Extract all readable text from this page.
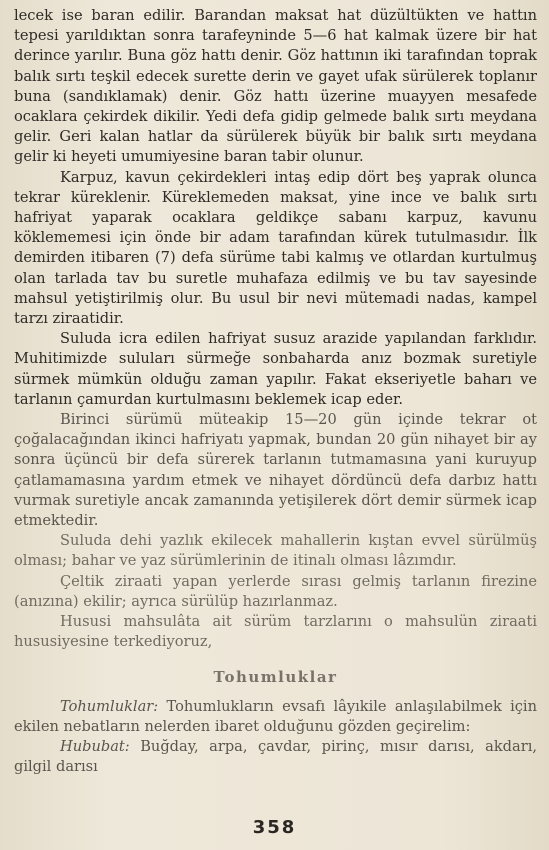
lecek ise baran edilir. Barandan maksat hat düzültükten ve hattın tepesi yarıldıktan sonra tarafeyninde 5—6 hat kalmak üzere bir hat derince yarılır. Buna göz hattı denir. Göz hattının iki tarafından toprak balık sırtı teşkil edecek surette derin ve gayet ufak sürülerek toplanır buna (sandıklamak) denir. Göz hattı üzerine muayyen mesafede ocaklara çekirdek dikilir. Yedi defa gidip gelmede balık sırtı meydana gelir. Geri kalan hatlar da sürülerek büyük bir balık sırtı meydana gelir ki heyeti umumiyesine baran tabir olunur.

Karpuz, kavun çekirdekleri intaş edip dört beş yaprak olunca tekrar küreklenir. Küreklemeden maksat, yine ince ve balık sırtı hafriyat yaparak ocaklara geldikçe sabanı karpuz, kavunu köklememesi için önde bir adam tarafından kürek tutulmasıdır. İlk demirden itibaren (7) defa sürüme tabi kalmış ve otlardan kurtulmuş olan tarlada tav bu suretle muhafaza edilmiş ve bu tav sayesinde mahsul yetiştirilmiş olur. Bu usul bir nevi mütemadi nadas, kampel tarzı ziraatidir.

Suluda icra edilen hafriyat susuz arazide yapılandan farklıdır. Muhitimizde suluları sürmeğe sonbaharda anız bozmak suretiyle sürmek mümkün olduğu zaman yapılır. Fakat ekseriyetle baharı ve tarlanın çamurdan kurtulmasını beklemek icap eder.

Birinci sürümü müteakip 15—20 gün içinde tekrar ot çoğalacağından ikinci hafriyatı yapmak, bundan 20 gün nihayet bir ay sonra üçüncü bir defa sürerek tarlanın tutmamasına yani kuruyup çatlamamasına yardım etmek ve nihayet dördüncü defa darbız hattı vurmak suretiyle ancak zamanında yetişilerek dört demir sürmek icap etmektedir.

Suluda dehi yazlık ekilecek mahallerin kıştan evvel sürülmüş olması; bahar ve yaz sürümlerinin de itinalı olması lâzımdır.

Çeltik ziraati yapan yerlerde sırası gelmiş tarlanın firezine (anızına) ekilir; ayrıca sürülüp hazırlanmaz.

Hususi mahsulâta ait sürüm tarzlarını o mahsulün ziraati hususiyesine terkediyoruz,

Tohumluklar

Tohumluklar: Tohumlukların evsafı lâyıkile anlaşılabilmek için ekilen nebatların nelerden ibaret olduğunu gözden geçirelim:

Hububat: Buğday, arpa, çavdar, pirinç, mısır darısı, akdarı, gilgil darısı

358
